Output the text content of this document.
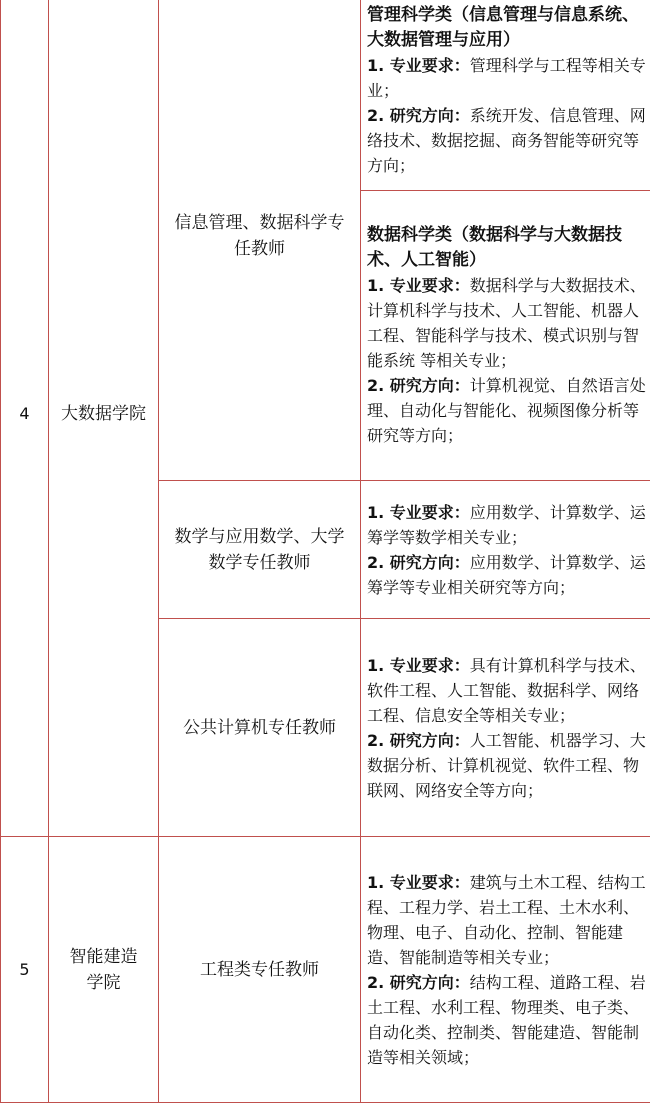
4	大数据学院	信息管理、数据科学专任教师	管理科学类（信息管理与信息系统、大数据管理与应用）
1. 专业要求：管理科学与工程等相关专业；
2. 研究方向：系统开发、信息管理、网络技术、数据挖掘、商务智能等研究等方向；

			数据科学类（数据科学与大数据技术、人工智能）
1. 专业要求：数据科学与大数据技术、计算机科学与技术、人工智能、机器人工程、智能科学与技术、模式识别与智能系统 等相关专业；
2. 研究方向：计算机视觉、自然语言处理、自动化与智能化、视频图像分析等研究等方向；

		数学与应用数学、大学数学专任教师	1. 专业要求：应用数学、计算数学、运筹学等数学相关专业；
2. 研究方向：应用数学、计算数学、运筹学等专业相关研究等方向；

		公共计算机专任教师	1. 专业要求：具有计算机科学与技术、软件工程、人工智能、数据科学、网络工程、信息安全等相关专业；
2. 研究方向：人工智能、机器学习、大数据分析、计算机视觉、软件工程、物联网、网络安全等方向；

5	智能建造学院	工程类专任教师	1. 专业要求：建筑与土木工程、结构工程、工程力学、岩土工程、土木水利、物理、电子、自动化、控制、智能建造、智能制造等相关专业；
2. 研究方向：结构工程、道路工程、岩土工程、水利工程、物理类、电子类、自动化类、控制类、智能建造、智能制造等相关领域；
